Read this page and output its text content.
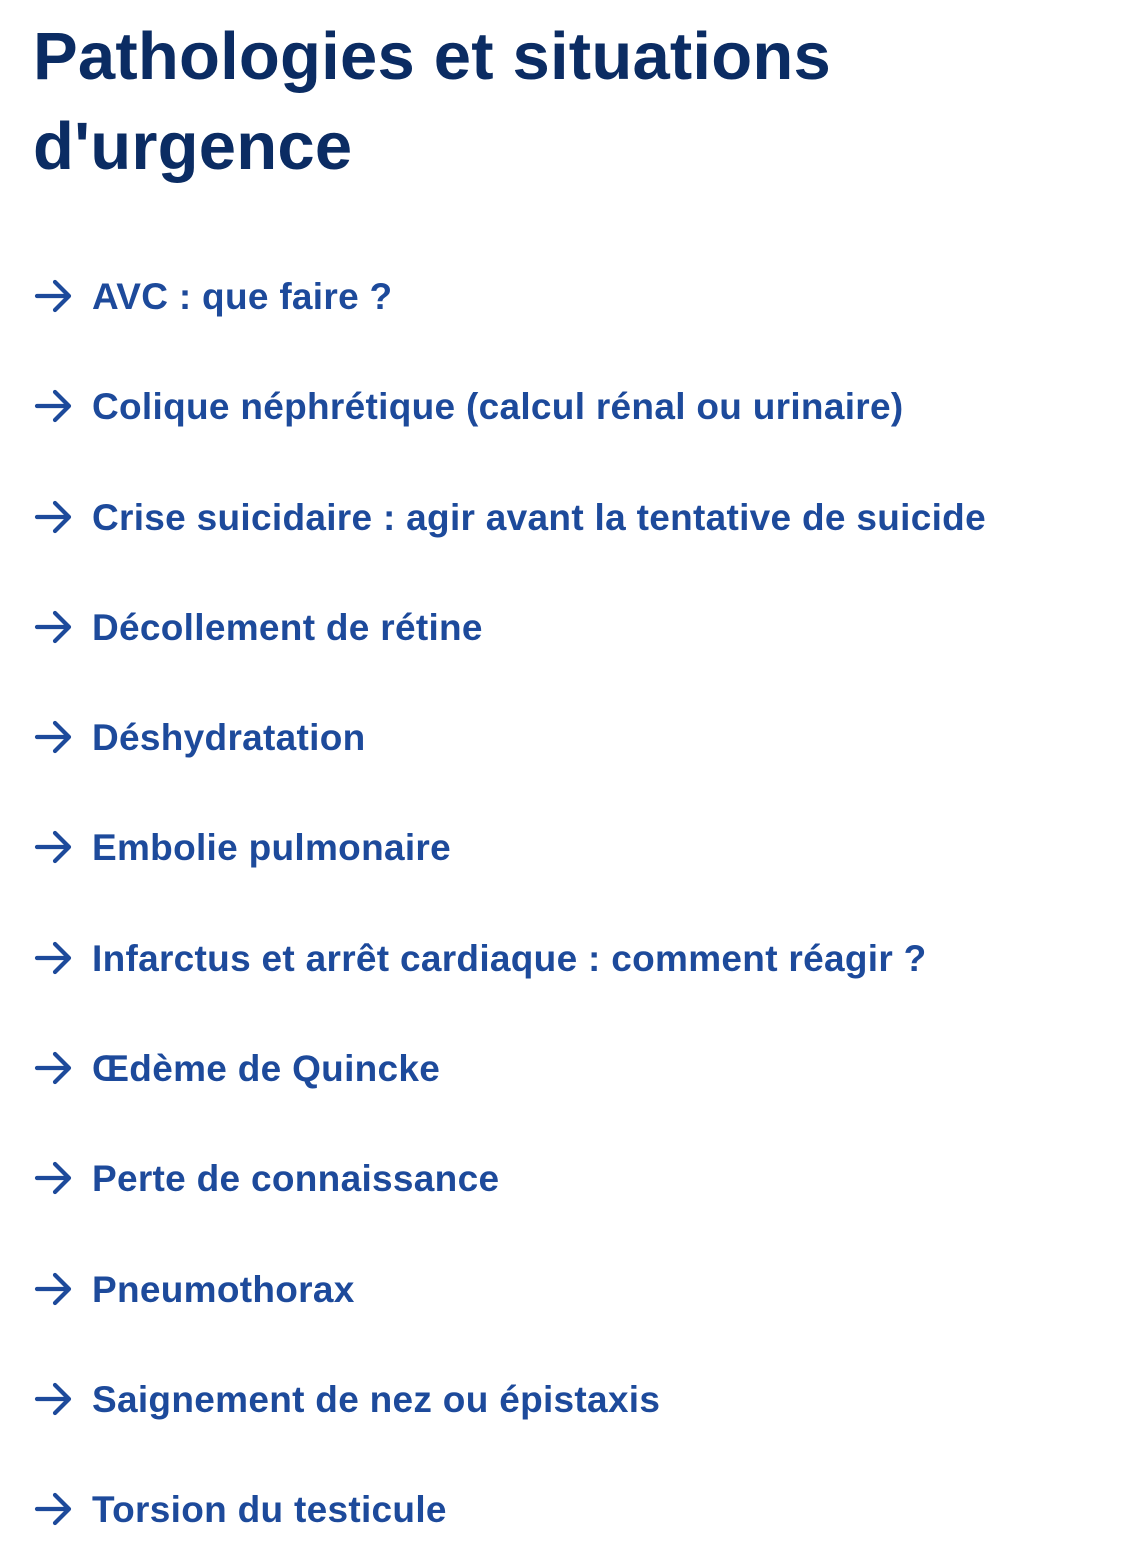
Pathologies et situations d'urgence
AVC : que faire ?
Colique néphrétique (calcul rénal ou urinaire)
Crise suicidaire : agir avant la tentative de suicide
Décollement de rétine
Déshydratation
Embolie pulmonaire
Infarctus et arrêt cardiaque : comment réagir ?
Œdème de Quincke
Perte de connaissance
Pneumothorax
Saignement de nez ou épistaxis
Torsion du testicule
